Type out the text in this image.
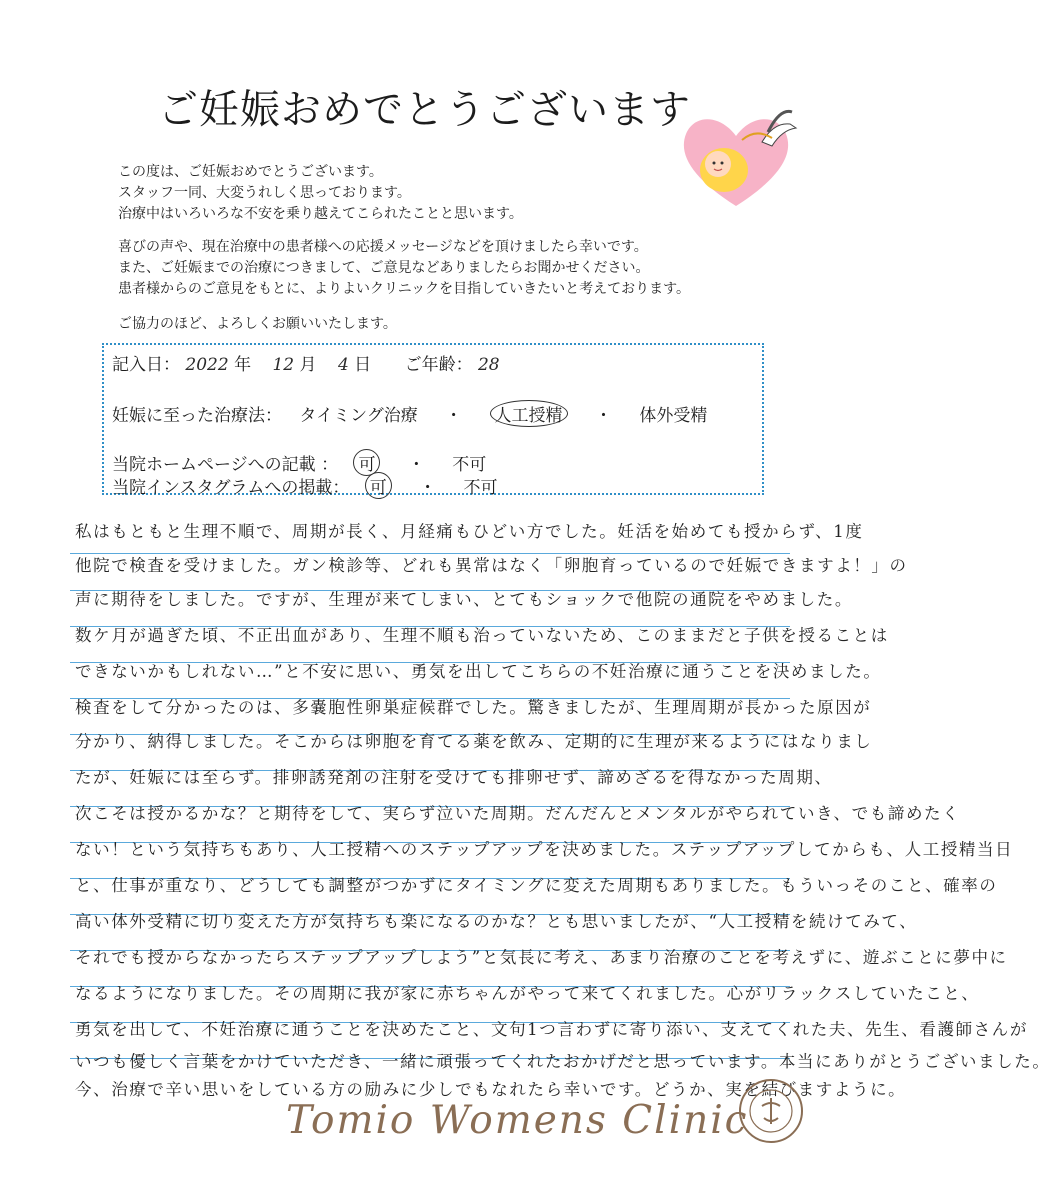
ご妊娠おめでとうございます
この度は、ご妊娠おめでとうございます。
スタッフ一同、大変うれしく思っております。
治療中はいろいろな不安を乗り越えてこられたことと思います。
喜びの声や、現在治療中の患者様への応援メッセージなどを頂けましたら幸いです。
また、ご妊娠までの治療につきまして、ご意見などありましたらお聞かせください。
患者様からのご意見をもとに、よりよいクリニックを目指していきたいと考えております。
ご協力のほど、よろしくお願いいたします。
記入日： 2022 年 12 月 4 日 ご年齢： 28
妊娠に至った治療法： タイミング治療 ・ 人工授精 ・ 体外受精
当院ホームページへの記載 ： 可 ・ 不可
当院インスタグラムへの掲載： 可 ・ 不可
私はもともと生理不順で、周期が長く、月経痛もひどい方でした。妊活を始めても授からず、1度
他院で検査を受けました。ガン検診等、どれも異常はなく「卵胞育っているので妊娠できますよ！」の
声に期待をしました。ですが、生理が来てしまい、とてもショックで他院の通院をやめました。
数ケ月が過ぎた頃、不正出血があり、生理不順も治っていないため、このままだと子供を授ることは
できないかもしれない…”と不安に思い、勇気を出してこちらの不妊治療に通うことを決めました。
検査をして分かったのは、多嚢胞性卵巣症候群でした。驚きましたが、生理周期が長かった原因が
分かり、納得しました。そこからは卵胞を育てる薬を飲み、定期的に生理が来るようにはなりまし
たが、妊娠には至らず。排卵誘発剤の注射を受けても排卵せず、諦めざるを得なかった周期、
次こそは授かるかな？と期待をして、実らず泣いた周期。だんだんとメンタルがやられていき、でも諦めたく
ない！という気持ちもあり、人工授精へのステップアップを決めました。ステップアップしてからも、人工授精当日
と、仕事が重なり、どうしても調整がつかずにタイミングに変えた周期もありました。もういっそのこと、確率の
高い体外受精に切り変えた方が気持ちも楽になるのかな？とも思いましたが、“人工授精を続けてみて、
それでも授からなかったらステップアップしよう”と気長に考え、あまり治療のことを考えずに、遊ぶことに夢中に
なるようになりました。その周期に我が家に赤ちゃんがやって来てくれました。心がリラックスしていたこと、
勇気を出して、不妊治療に通うことを決めたこと、文句1つ言わずに寄り添い、支えてくれた夫、先生、看護師さんが
いつも優しく言葉をかけていただき、一緒に頑張ってくれたおかげだと思っています。本当にありがとうございました。
今、治療で辛い思いをしている方の励みに少しでもなれたら幸いです。どうか、実を結びますように。
Tomio Womens Clinic
